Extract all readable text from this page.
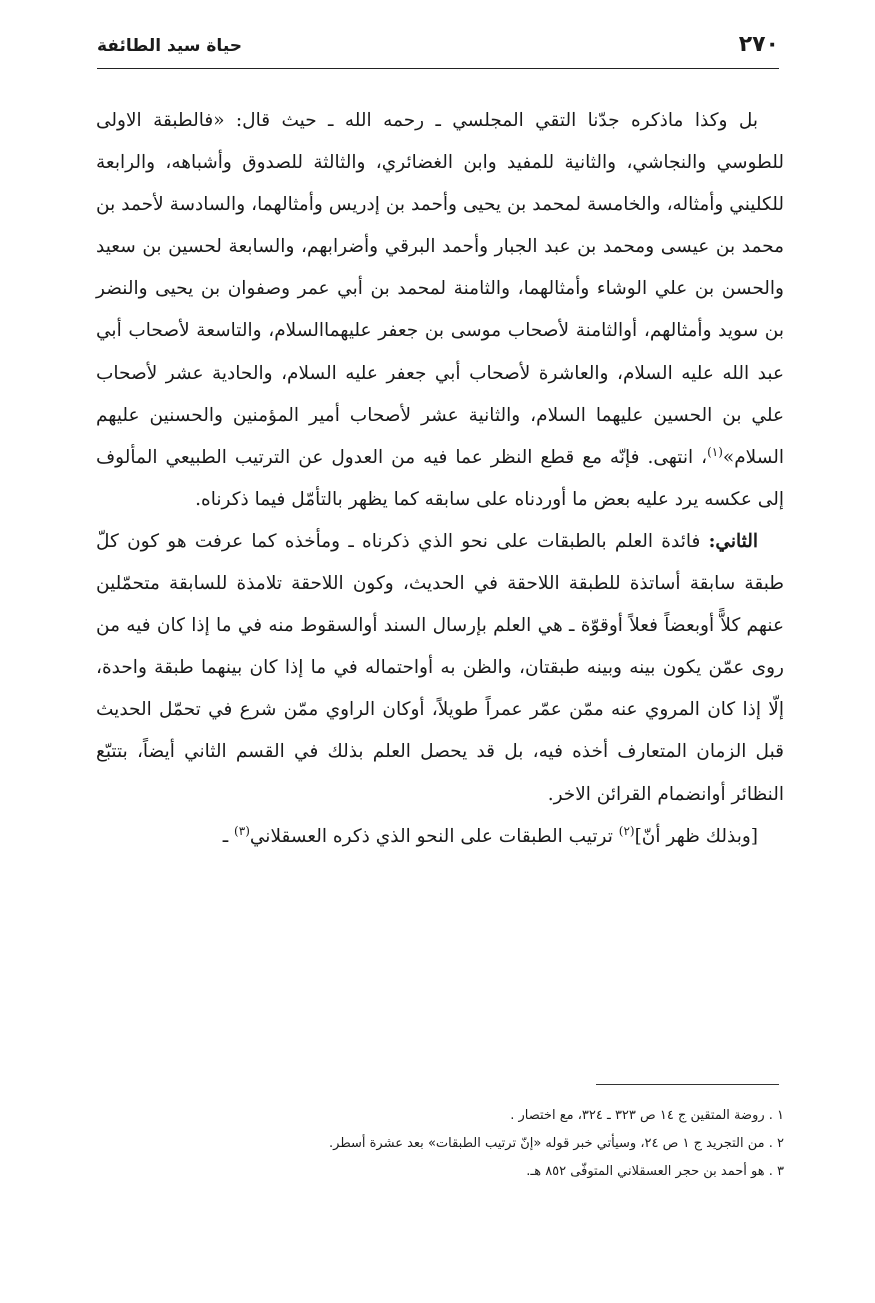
٢٧٠
حياة سيد الطائفة

بل وكذا ماذكره جدّنا التقي المجلسي ـ رحمه الله ـ حيث قال: «فالطبقة الاولى للطوسي والنجاشي، والثانية للمفيد وابن الغضائري، والثالثة للصدوق وأشباهه، والرابعة للكليني وأمثاله، والخامسة لمحمد بن يحيى وأحمد بن إدريس وأمثالهما، والسادسة لأحمد بن محمد بن عيسى ومحمد بن عبد الجبار وأحمد البرقي وأضرابهم، والسابعة لحسين بن سعيد والحسن بن علي الوشاء وأمثالهما، والثامنة لمحمد بن أبي عمر وصفوان بن يحيى والنضر بن سويد وأمثالهم، أوالثامنة لأصحاب موسى بن جعفر عليهماالسلام، والتاسعة لأصحاب أبي عبد الله عليه السلام، والعاشرة لأصحاب أبي جعفر عليه السلام، والحادية عشر لأصحاب علي بن الحسين عليهما السلام، والثانية عشر لأصحاب أمير المؤمنين والحسنين عليهم السلام»$^{(١)}$، انتهى. فإنّه مع قطع النظر عما فيه من العدول عن الترتيب الطبيعي المألوف إلى عكسه يرد عليه بعض ما أوردناه على سابقه كما يظهر بالتأمّل فيما ذكرناه.

الثاني: فائدة العلم بالطبقات على نحو الذي ذكرناه ـ ومأخذه كما عرفت هو كون كلّ طبقة سابقة أساتذة للطبقة اللاحقة في الحديث، وكون اللاحقة تلامذة للسابقة متحمّلين عنهم كلاًّ أوبعضاً فعلاً أوقوّة ـ هي العلم بإرسال السند أوالسقوط منه في ما إذا كان فيه من روى عمّن يكون بينه وبينه طبقتان، والظن به أواحتماله في ما إذا كان بينهما طبقة واحدة، إلّا إذا كان المروي عنه ممّن عمّر عمراً طويلاً، أوكان الراوي ممّن شرع في تحمّل الحديث قبل الزمان المتعارف أخذه فيه، بل قد يحصل العلم بذلك في القسم الثاني أيضاً، بتتبّع النظائر أوانضمام القرائن الاخر.

[وبذلك ظهر أنّ]$^{(٢)}$ ترتيب الطبقات على النحو الذي ذكره العسقلاني$^{(٣)}$ ـ

١ . روضة المتقين ج ١٤ ص ٣٢٣ ـ ٣٢٤، مع اختصار .
٢ . من التجريد ج ١ ص ٢٤، وسيأتي خبر قوله «إنّ ترتيب الطبقات» بعد عشرة أسطر.
٣ . هو أحمد بن حجر العسقلاني المتوفّى ٨٥٢ هـ.
